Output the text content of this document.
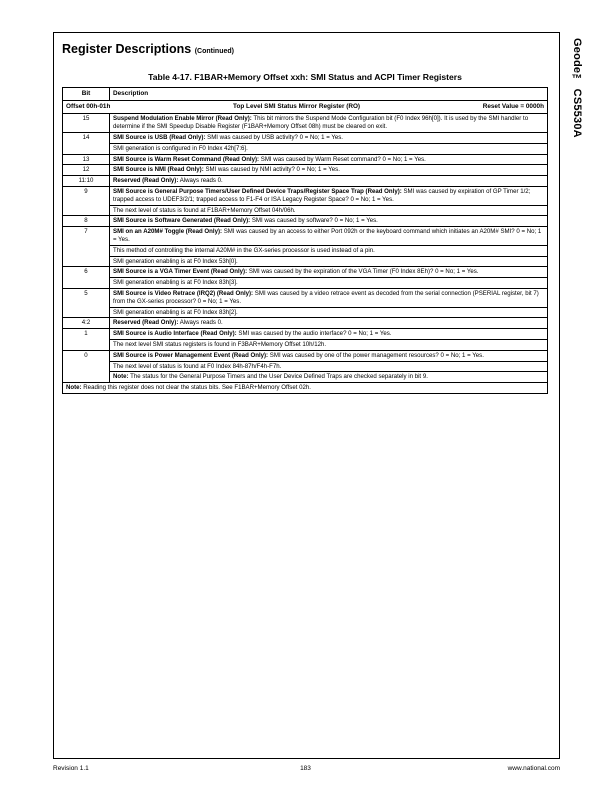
Register Descriptions (Continued)	Geode™ CS5530A
Table 4-17. F1BAR+Memory Offset xxh: SMI Status and ACPI Timer Registers
Bit	Description

Offset 00h-01h Top Level SMI Status Mirror Register (RO) Reset Value = 0000h	

15	Suspend Modulation Enable Mirror (Read Only): This bit mirrors the Suspend Mode Configuration bit (F0 Index 96h[0]). It is used by the SMI handler to determine if the SMI Speedup Disable Register (F1BAR+Memory Offset 08h) must be cleared on exit.

14	SMI Source is USB (Read Only): SMI was caused by USB activity? 0 = No; 1 = Yes.
SMI generation is configured in F0 Index 42h[7:6].

13	SMI Source is Warm Reset Command (Read Only): SMI was caused by Warm Reset command? 0 = No; 1 = Yes.

12	SMI Source is NMI (Read Only): SMI was caused by NMI activity? 0 = No; 1 = Yes.

11:10	Reserved (Read Only): Always reads 0.

9	SMI Source is General Purpose Timers/User Defined Device Traps/Register Space Trap (Read Only): SMI was caused by expiration of GP Timer 1/2; trapped access to UDEF3/2/1; trapped access to F1-F4 or ISA Legacy Register Space? 0 = No; 1 = Yes.
The next level of status is found at F1BAR+Memory Offset 04h/06h.

8	SMI Source is Software Generated (Read Only): SMI was caused by software? 0 = No; 1 = Yes.

7	SMI on an A20M# Toggle (Read Only): SMI was caused by an access to either Port 092h or the keyboard command which initiates an A20M# SMI? 0 = No; 1 = Yes.
This method of controlling the internal A20M# in the GX-series processor is used instead of a pin.
SMI generation enabling is at F0 Index 53h[0].

6	SMI Source is a VGA Timer Event (Read Only): SMI was caused by the expiration of the VGA Timer (F0 Index 8Eh)? 0 = No; 1 = Yes.
SMI generation enabling is at F0 Index 83h[3].

5	SMI Source is Video Retrace (IRQ2) (Read Only): SMI was caused by a video retrace event as decoded from the serial connection (PSERIAL register, bit 7) from the GX-series processor? 0 = No; 1 = Yes.
SMI generation enabling is at F0 Index 83h[2].

4:2	Reserved (Read Only): Always reads 0.

1	SMI Source is Audio Interface (Read Only): SMI was caused by the audio interface? 0 = No; 1 = Yes.
The next level SMI status registers is found in F3BAR+Memory Offset 10h/12h.

0	SMI Source is Power Management Event (Read Only): SMI was caused by one of the power management resources? 0 = No; 1 = Yes.
The next level of status is found at F0 Index 84h-87h/F4h-F7h.
Note: The status for the General Purpose Timers and the User Device Defined Traps are checked separately in bit 9.

Note: Reading this register does not clear the status bits. See F1BAR+Memory Offset 02h.	
Revision 1.1	183	www.national.com
